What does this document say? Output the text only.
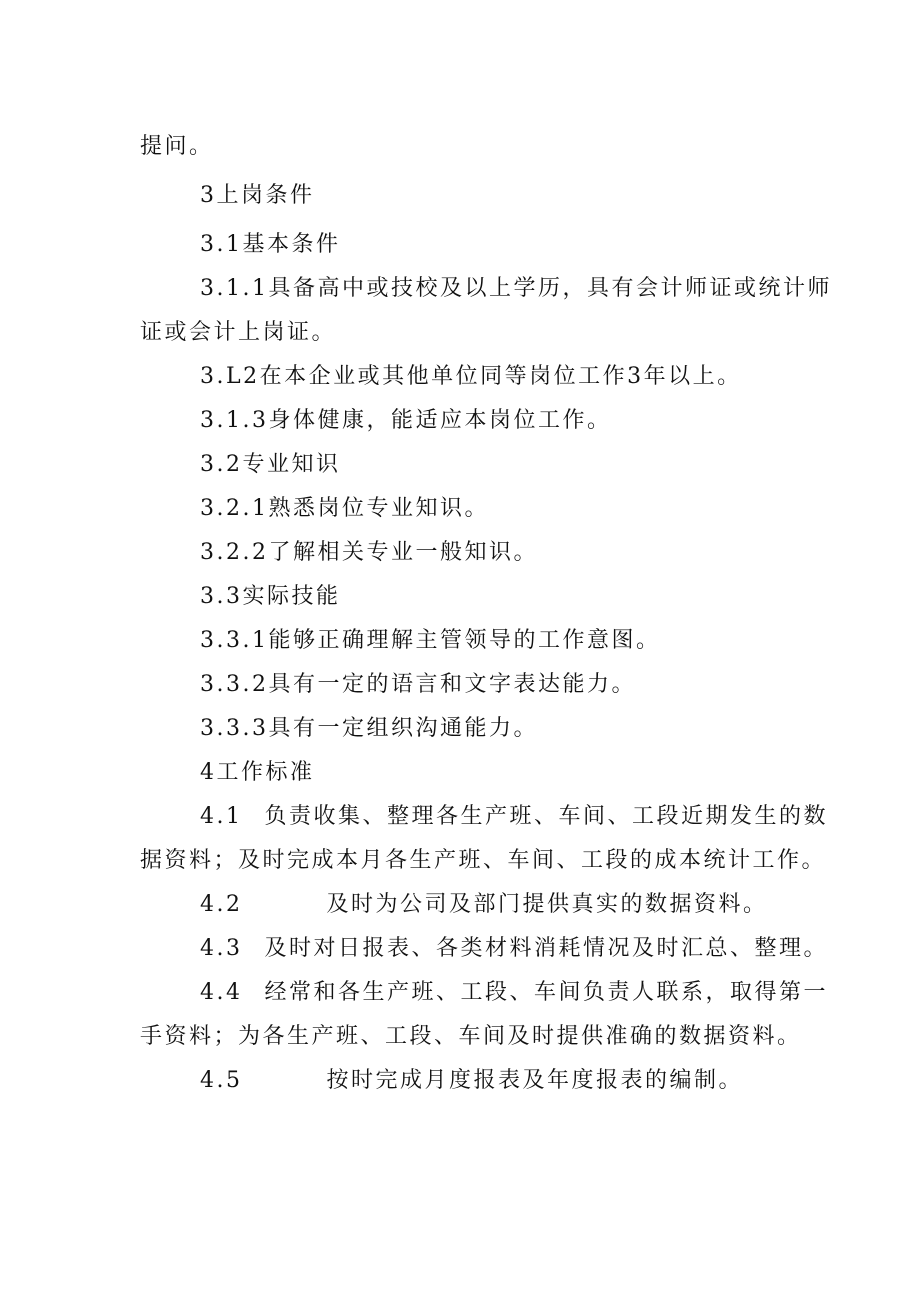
提问。
3上岗条件
3.1基本条件
3.1.1具备高中或技校及以上学历，具有会计师证或统计师
证或会计上岗证。
3.L2在本企业或其他单位同等岗位工作3年以上。
3.1.3身体健康，能适应本岗位工作。
3.2专业知识
3.2.1熟悉岗位专业知识。
3.2.2了解相关专业一般知识。
3.3实际技能
3.3.1能够正确理解主管领导的工作意图。
3.3.2具有一定的语言和文字表达能力。
3.3.3具有一定组织沟通能力。
4工作标准
4.1 负责收集、整理各生产班、车间、工段近期发生的数
据资料；及时完成本月各生产班、车间、工段的成本统计工作。
4.2	及时为公司及部门提供真实的数据资料。
4.3 及时对日报表、各类材料消耗情况及时汇总、整理。
4.4 经常和各生产班、工段、车间负责人联系，取得第一
手资料；为各生产班、工段、车间及时提供准确的数据资料。
4.5	按时完成月度报表及年度报表的编制。
